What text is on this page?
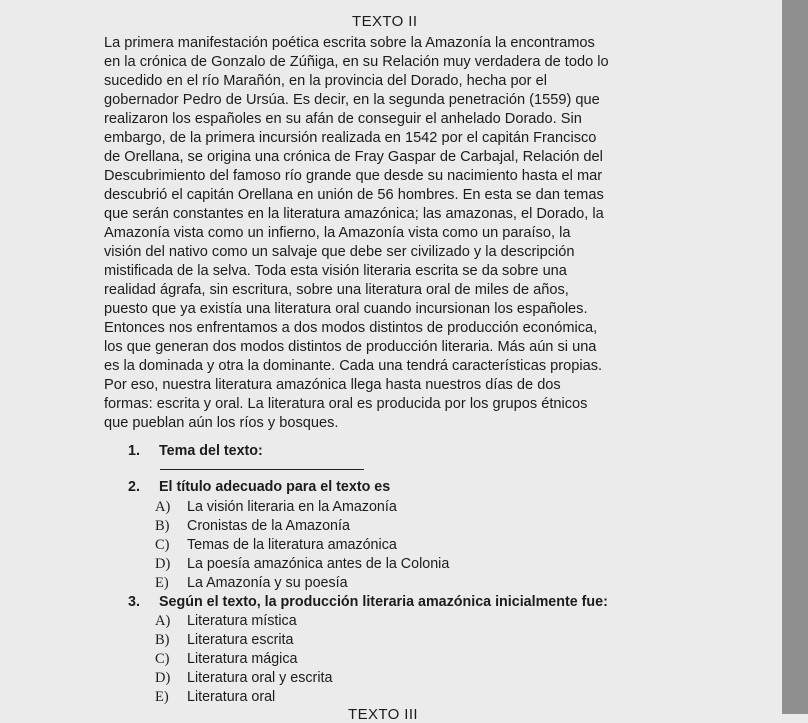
TEXTO II
La primera manifestación poética escrita sobre la Amazonía la encontramos
en la crónica de Gonzalo de Zúñiga, en su Relación muy verdadera de todo lo
sucedido en el río Marañón, en la provincia del Dorado, hecha por el
gobernador Pedro de Ursúa. Es decir, en la segunda penetración (1559) que
realizaron los españoles en su afán de conseguir el anhelado Dorado. Sin
embargo, de la primera incursión realizada en 1542 por el capitán Francisco
de Orellana, se origina una crónica de Fray Gaspar de Carbajal, Relación del
Descubrimiento del famoso río grande que desde su nacimiento hasta el mar
descubrió el capitán Orellana en unión de 56 hombres. En esta se dan temas
que serán constantes en la literatura amazónica; las amazonas, el Dorado, la
Amazonía vista como un infierno, la Amazonía vista como un paraíso, la
visión del nativo como un salvaje que debe ser civilizado y la descripción
mistificada de la selva. Toda esta visión literaria escrita se da sobre una
realidad ágrafa, sin escritura, sobre una literatura oral de miles de años,
puesto que ya existía una literatura oral cuando incursionan los españoles.
Entonces nos enfrentamos a dos modos distintos de producción económica,
los que generan dos modos distintos de producción literaria. Más aún si una
es la dominada y otra la dominante. Cada una tendrá características propias.
Por eso, nuestra literatura amazónica llega hasta nuestros días de dos
formas: escrita y oral. La literatura oral es producida por los grupos étnicos
que pueblan aún los ríos y bosques.
1. Tema del texto:
2. El título adecuado para el texto es
A) La visión literaria en la Amazonía
B) Cronistas de la Amazonía
C) Temas de la literatura amazónica
D) La poesía amazónica antes de la Colonia
E) La Amazonía y su poesía
3. Según el texto, la producción literaria amazónica inicialmente fue:
A) Literatura mística
B) Literatura escrita
C) Literatura mágica
D) Literatura oral y escrita
E) Literatura oral
TEXTO III
